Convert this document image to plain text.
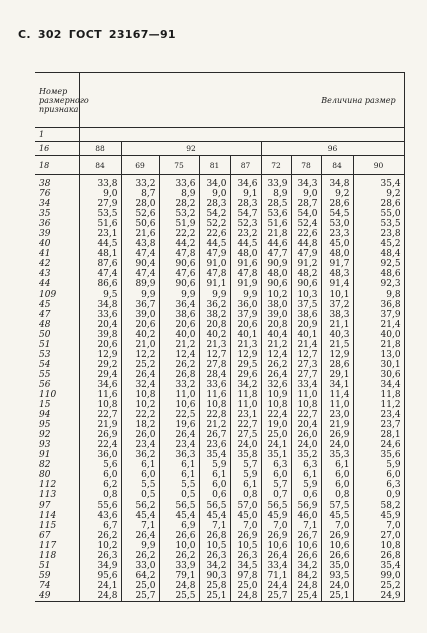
С. 302 ГОСТ 23167—91
Номер
размерного
признака	Величина размер								
1									
16	88	92				96			
18	84	69	75	81	87	72	78	84	90

38	33,8	33,2	33,6	34,0	34,6	33,9	34,3	34,8	35,4
76	9,0	8,7	8,9	9,0	9,1	8,9	9,0	9,2	9,2
34	27,9	28,0	28,2	28,3	28,3	28,5	28,7	28,6	28,6
35	53,5	52,6	53,2	54,2	54,7	53,6	54,0	54,5	55,0
36	51,6	50,6	51,9	52,2	52,3	51,6	52,4	53,0	53,5
39	23,1	21,6	22,2	22,6	23,2	21,8	22,6	23,3	23,8
40	44,5	43,8	44,2	44,5	44,5	44,6	44,8	45,0	45,2
41	48,1	47,4	47,8	47,9	48,0	47,7	47,9	48,0	48,4
42	87,6	90,4	90,6	91,0	91,6	90,9	91,2	91,7	92,5
43	47,4	47,4	47,6	47,8	47,8	48,0	48,2	48,3	48,6
44	86,6	89,9	90,6	91,1	91,9	90,6	90,6	91,4	92,3
109	9,5	9,9	9,9	9,9	9,9	10,2	10,3	10,1	9,8
45	34,8	36,7	36,4	36,2	36,0	38,0	37,5	37,2	36,8
47	33,6	39,0	38,6	38,2	37,9	39,0	38,6	38,3	37,9
48	20,4	20,6	20,6	20,8	20,6	20,8	20,9	21,1	21,4
50	39,8	40,2	40,0	40,2	40,1	40,4	40,1	40,3	40,0
51	20,6	21,0	21,2	21,3	21,3	21,2	21,4	21,5	21,8
53	12,9	12,2	12,4	12,7	12,9	12,4	12,7	12,9	13,0
54	29,2	25,2	26,2	27,8	29,5	26,2	27,3	28,6	30,1
55	29,4	26,4	26,8	28,4	29,6	26,4	27,7	29,1	30,6
56	34,6	32,4	33,2	33,6	34,2	32,6	33,4	34,1	34,4
110	11,6	10,8	11,0	11,6	11,8	10,9	11,0	11,4	11,8
15	10,8	10,2	10,6	10,8	11,0	10,8	10,8	11,0	11,2
94	22,7	22,2	22,5	22,8	23,1	22,4	22,7	23,0	23,4
95	21,9	18,2	19,6	21,2	22,7	19,0	20,4	21,9	23,7
92	26,9	26,0	26,4	26,7	27,5	25,0	26,0	26,9	28,1
93	22,4	23,4	23,4	23,6	24,0	24,1	24,0	24,0	24,6
91	36,0	36,2	36,3	35,4	35,8	35,1	35,2	35,3	35,6
82	5,6	6,1	6,1	5,9	5,7	6,3	6,3	6,1	5,9
80	6,0	6,0	6,1	6,1	5,9	6,0	6,1	6,0	6,0
112	6,2	5,5	5,5	6,0	6,1	5,7	5,9	6,0	6,3
113	0,8	0,5	0,5	0,6	0,8	0,7	0,6	0,8	0,9
97	55,6	56,2	56,5	56,5	57,0	56,5	56,9	57,5	58,2
114	43,6	45,4	45,4	45,4	45,0	45,9	46,0	45,5	45,9
115	6,7	7,1	6,9	7,1	7,0	7,0	7,1	7,0	7,0
67	26,2	26,4	26,6	26,8	26,9	26,9	26,7	26,9	27,0
117	10,2	9,9	10,0	10,5	10,5	10,6	10,6	10,6	10,8
118	26,3	26,2	26,2	26,3	26,3	26,4	26,6	26,6	26,8
51	34,9	33,0	33,9	34,2	34,5	33,4	34,2	35,0	35,4
59	95,6	64,2	79,1	90,3	97,8	71,1	84,2	93,5	99,0
74	24,1	25,0	24,8	25,8	25,0	24,4	24,8	24,0	25,2
49	24,8	25,7	25,5	25,1	24,8	25,7	25,4	25,1	24,9
